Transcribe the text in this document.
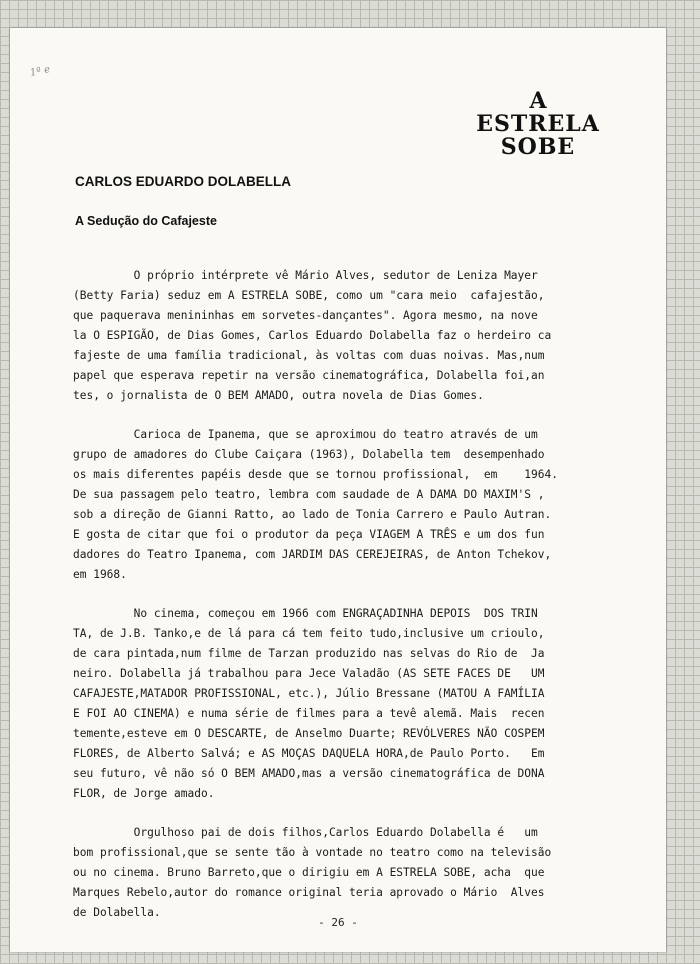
1ª e
A
ESTRELA
SOBE
CARLOS EDUARDO DOLABELLA
A Sedução do Cafajeste
O próprio intérprete vê Mário Alves, sedutor de Leniza Mayer
(Betty Faria) seduz em A ESTRELA SOBE, como um "cara meio  cafajestão,
que paquerava menininhas em sorvetes-dançantes". Agora mesmo, na nove
la O ESPIGÃO, de Dias Gomes, Carlos Eduardo Dolabella faz o herdeiro ca
fajeste de uma família tradicional, às voltas com duas noivas. Mas,num
papel que esperava repetir na versão cinematográfica, Dolabella foi,an
tes, o jornalista de O BEM AMADO, outra novela de Dias Gomes.
Carioca de Ipanema, que se aproximou do teatro através de um
grupo de amadores do Clube Caiçara (1963), Dolabella tem  desempenhado
os mais diferentes papéis desde que se tornou profissional,  em    1964.
De sua passagem pelo teatro, lembra com saudade de A DAMA DO MAXIM'S ,
sob a direção de Gianni Ratto, ao lado de Tonia Carrero e Paulo Autran.
E gosta de citar que foi o produtor da peça VIAGEM A TRÊS e um dos fun
dadores do Teatro Ipanema, com JARDIM DAS CEREJEIRAS, de Anton Tchekov,
em 1968.
No cinema, começou em 1966 com ENGRAÇADINHA DEPOIS  DOS TRIN
TA, de J.B. Tanko,e de lá para cá tem feito tudo,inclusive um crioulo,
de cara pintada,num filme de Tarzan produzido nas selvas do Rio de  Ja
neiro. Dolabella já trabalhou para Jece Valadão (AS SETE FACES DE   UM
CAFAJESTE,MATADOR PROFISSIONAL, etc.), Júlio Bressane (MATOU A FAMÍLIA
E FOI AO CINEMA) e numa série de filmes para a tevê alemã. Mais  recen
temente,esteve em O DESCARTE, de Anselmo Duarte; REVÓLVERES NÃO COSPEM
FLORES, de Alberto Salvá; e AS MOÇAS DAQUELA HORA,de Paulo Porto.   Em
seu futuro, vê não só O BEM AMADO,mas a versão cinematográfica de DONA
FLOR, de Jorge amado.
Orgulhoso pai de dois filhos,Carlos Eduardo Dolabella é   um
bom profissional,que se sente tão à vontade no teatro como na televisão
ou no cinema. Bruno Barreto,que o dirigiu em A ESTRELA SOBE, acha  que
Marques Rebelo,autor do romance original teria aprovado o Mário  Alves
de Dolabella.
- 26 -
